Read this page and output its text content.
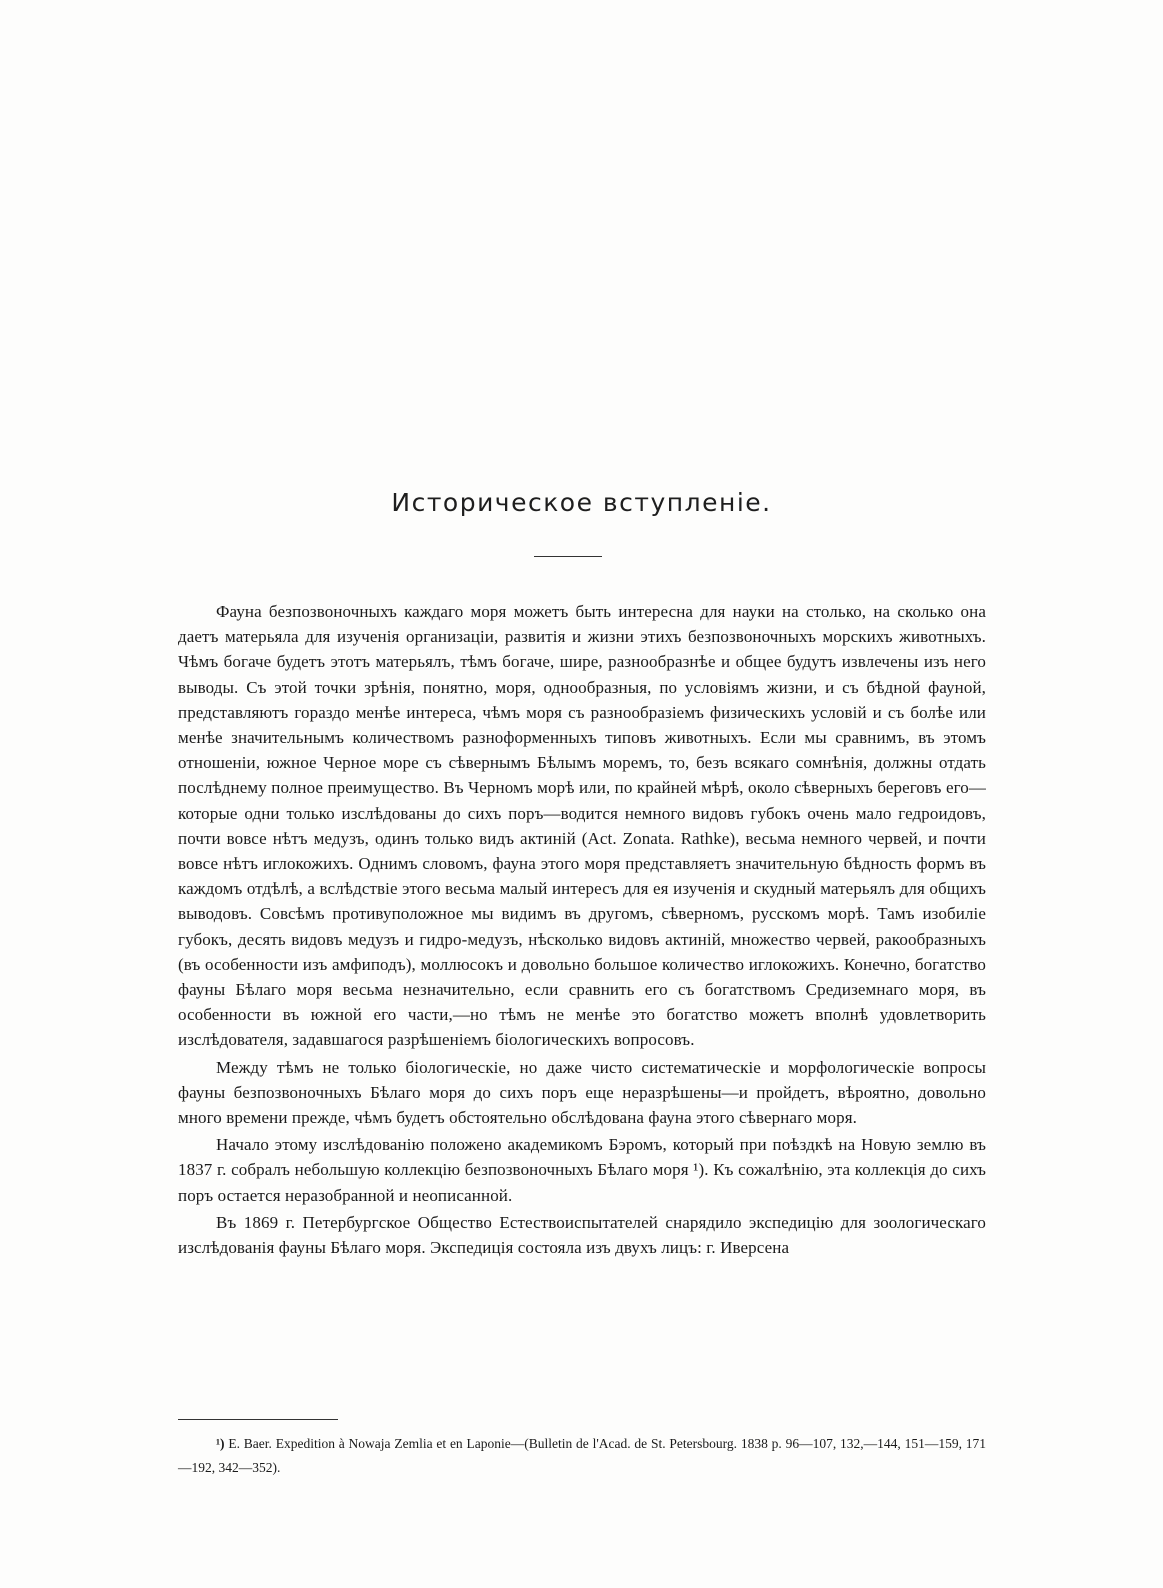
Историческое вступленіе.

Фауна безпозвоночныхъ каждаго моря можетъ быть интересна для науки на столько, на сколько она даетъ матерьяла для изученія организаціи, развитія и жизни этихъ безпозвоночныхъ морскихъ животныхъ. Чѣмъ богаче будетъ этотъ матерьялъ, тѣмъ богаче, шире, разнообразнѣе и общее будутъ извлечены изъ него выводы. Съ этой точки зрѣнія, понятно, моря, однообразныя, по условіямъ жизни, и съ бѣдной фауной, представляютъ гораздо менѣе интереса, чѣмъ моря съ разнообразіемъ физическихъ условій и съ болѣе или менѣе значительнымъ количествомъ разноформенныхъ типовъ животныхъ. Если мы сравнимъ, въ этомъ отношеніи, южное Черное море съ сѣвернымъ Бѣлымъ моремъ, то, безъ всякаго сомнѣнія, должны отдать послѣднему полное преимущество. Въ Черномъ морѣ или, по крайней мѣрѣ, около сѣверныхъ береговъ его—которые одни только изслѣдованы до сихъ поръ—водится немного видовъ губокъ очень мало гедроидовъ, почти вовсе нѣтъ медузъ, одинъ только видъ актиній (Act. Zonata. Rathke), весьма немного червей, и почти вовсе нѣтъ иглокожихъ. Однимъ словомъ, фауна этого моря представляетъ значительную бѣдность формъ въ каждомъ отдѣлѣ, а вслѣдствіе этого весьма малый интересъ для ея изученія и скудный матерьялъ для общихъ выводовъ. Совсѣмъ противуположное мы видимъ въ другомъ, сѣверномъ, русскомъ морѣ. Тамъ изобиліе губокъ, десять видовъ медузъ и гидро-медузъ, нѣсколько видовъ актиній, множество червей, ракообразныхъ (въ особенности изъ амфиподъ), моллюсокъ и довольно большое количество иглокожихъ. Конечно, богатство фауны Бѣлаго моря весьма незначительно, если сравнить его съ богатствомъ Средиземнаго моря, въ особенности въ южной его части,—но тѣмъ не менѣе это богатство можетъ вполнѣ удовлетворить изслѣдователя, задавшагося разрѣшеніемъ біологическихъ вопросовъ.

Между тѣмъ не только біологическіе, но даже чисто систематическіе и морфологическіе вопросы фауны безпозвоночныхъ Бѣлаго моря до сихъ поръ еще неразрѣшены—и пройдетъ, вѣроятно, довольно много времени прежде, чѣмъ будетъ обстоятельно обслѣдована фауна этого сѣвернаго моря.

Начало этому изслѣдованію положено академикомъ Бэромъ, который при поѣздкѣ на Новую землю въ 1837 г. собралъ небольшую коллекцію безпозвоночныхъ Бѣлаго моря ¹). Къ сожалѣнію, эта коллекція до сихъ поръ остается неразобранной и неописанной.

Въ 1869 г. Петербургское Общество Естествоиспытателей снарядило экспедицію для зоологическаго изслѣдованія фауны Бѣлаго моря. Экспедиція состояла изъ двухъ лицъ: г. Иверсена

¹) E. Baer. Expedition à Nowaja Zemlia et en Laponie—(Bulletin de l'Acad. de St. Petersbourg. 1838 p. 96—107, 132,—144, 151—159, 171—192, 342—352).
